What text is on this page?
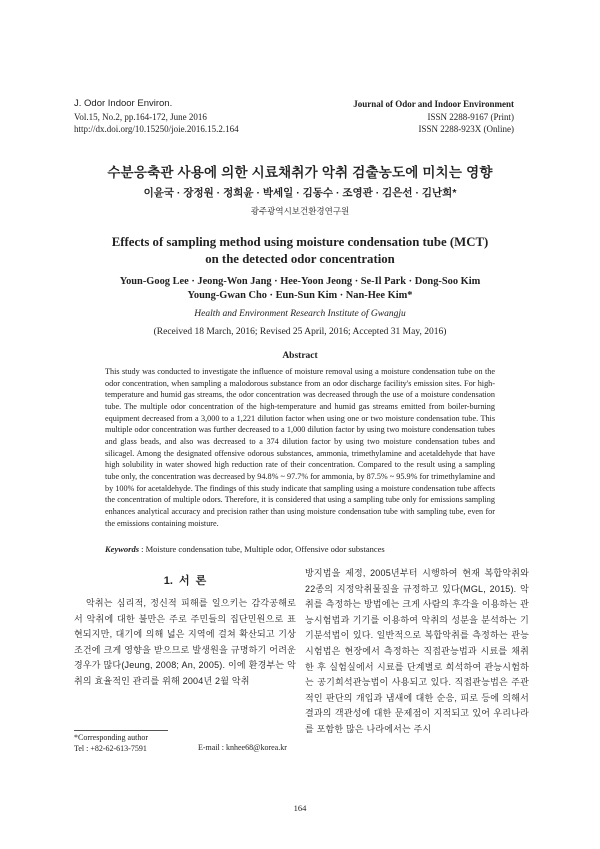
J. Odor Indoor Environ.
Vol.15, No.2, pp.164-172, June 2016
http://dx.doi.org/10.15250/joie.2016.15.2.164
Journal of Odor and Indoor Environment
ISSN 2288-9167 (Print)
ISSN 2288-923X (Online)
수분응축관 사용에 의한 시료채취가 악취 검출농도에 미치는 영향
이윤국 · 장정원 · 정희윤 · 박세일 · 김동수 · 조영관 · 김은선 · 김난희*
광주광역시보건환경연구원
Effects of sampling method using moisture condensation tube (MCT)
on the detected odor concentration
Youn-Goog Lee · Jeong-Won Jang · Hee-Yoon Jeong · Se-Il Park · Dong-Soo Kim
Young-Gwan Cho · Eun-Sun Kim · Nan-Hee Kim*
Health and Environment Research Institute of Gwangju
(Received 18 March, 2016; Revised 25 April, 2016; Accepted 31 May, 2016)
Abstract
This study was conducted to investigate the influence of moisture removal using a moisture condensation tube on the odor concentration, when sampling a malodorous substance from an odor discharge facility's emission sites. For high-temperature and humid gas streams, the odor concentration was decreased through the use of a moisture condensation tube. The multiple odor concentration of the high-temperature and humid gas streams emitted from boiler-burning equipment decreased from a 3,000 to a 1,221 dilution factor when using one or two moisture condensation tube. This multiple odor concentration was further decreased to a 1,000 dilution factor by using two moisture condensation tubes and glass beads, and also was decreased to a 374 dilution factor by using two moisture condensation tubes and silicagel. Among the designated offensive odorous substances, ammonia, trimethylamine and acetaldehyde that have high solubility in water showed high reduction rate of their concentration. Compared to the result using a sampling tube only, the concentration was decreased by 94.8% ~ 97.7% for ammonia, by 87.5% ~ 95.9% for trimethylamine and by 100% for acetaldehyde. The findings of this study indicate that sampling using a moisture condensation tube affects the concentration of multiple odors. Therefore, it is considered that using a sampling tube only for emissions sampling enhances analytical accuracy and precision rather than using moisture condensation tube with sampling tube, even for the emissions containing moisture.
Keywords : Moisture condensation tube, Multiple odor, Offensive odor substances
1. 서 론
악취는 심리적, 정신적 피해를 일으키는 감각공해로서 악취에 대한 불만은 주로 주민들의 집단민원으로 표현되지만, 대기에 의해 넓은 지역에 걸쳐 확산되고 기상조건에 크게 영향을 받으므로 발생원을 규명하기 어려운 경우가 많다(Jeung, 2008; An, 2005). 이에 환경부는 악취의 효율적인 관리를 위해 2004년 2월 악취
방지법을 제정, 2005년부터 시행하여 현재 복합악취와 22종의 지정악취물질을 규정하고 있다(MGL, 2015). 악취를 측정하는 방법에는 크게 사람의 후각을 이용하는 관능시험법과 기기를 이용하여 악취의 성분을 분석하는 기기분석법이 있다. 일반적으로 복합악취를 측정하는 관능시험법은 현장에서 측정하는 직접관능법과 시료를 채취한 후 실험실에서 시료를 단계별로 희석하여 관능시험하는 공기희석관능법이 사용되고 있다. 직접관능법은 주관적인 판단의 개입과 냄새에 대한 순응, 피로 등에 의해서 결과의 객관성에 대한 문제점이 지적되고 있어 우리나라를 포함한 많은 나라에서는 주시
*Corresponding author
Tel : +82-62-613-7591	E-mail : knhee68@korea.kr
164
